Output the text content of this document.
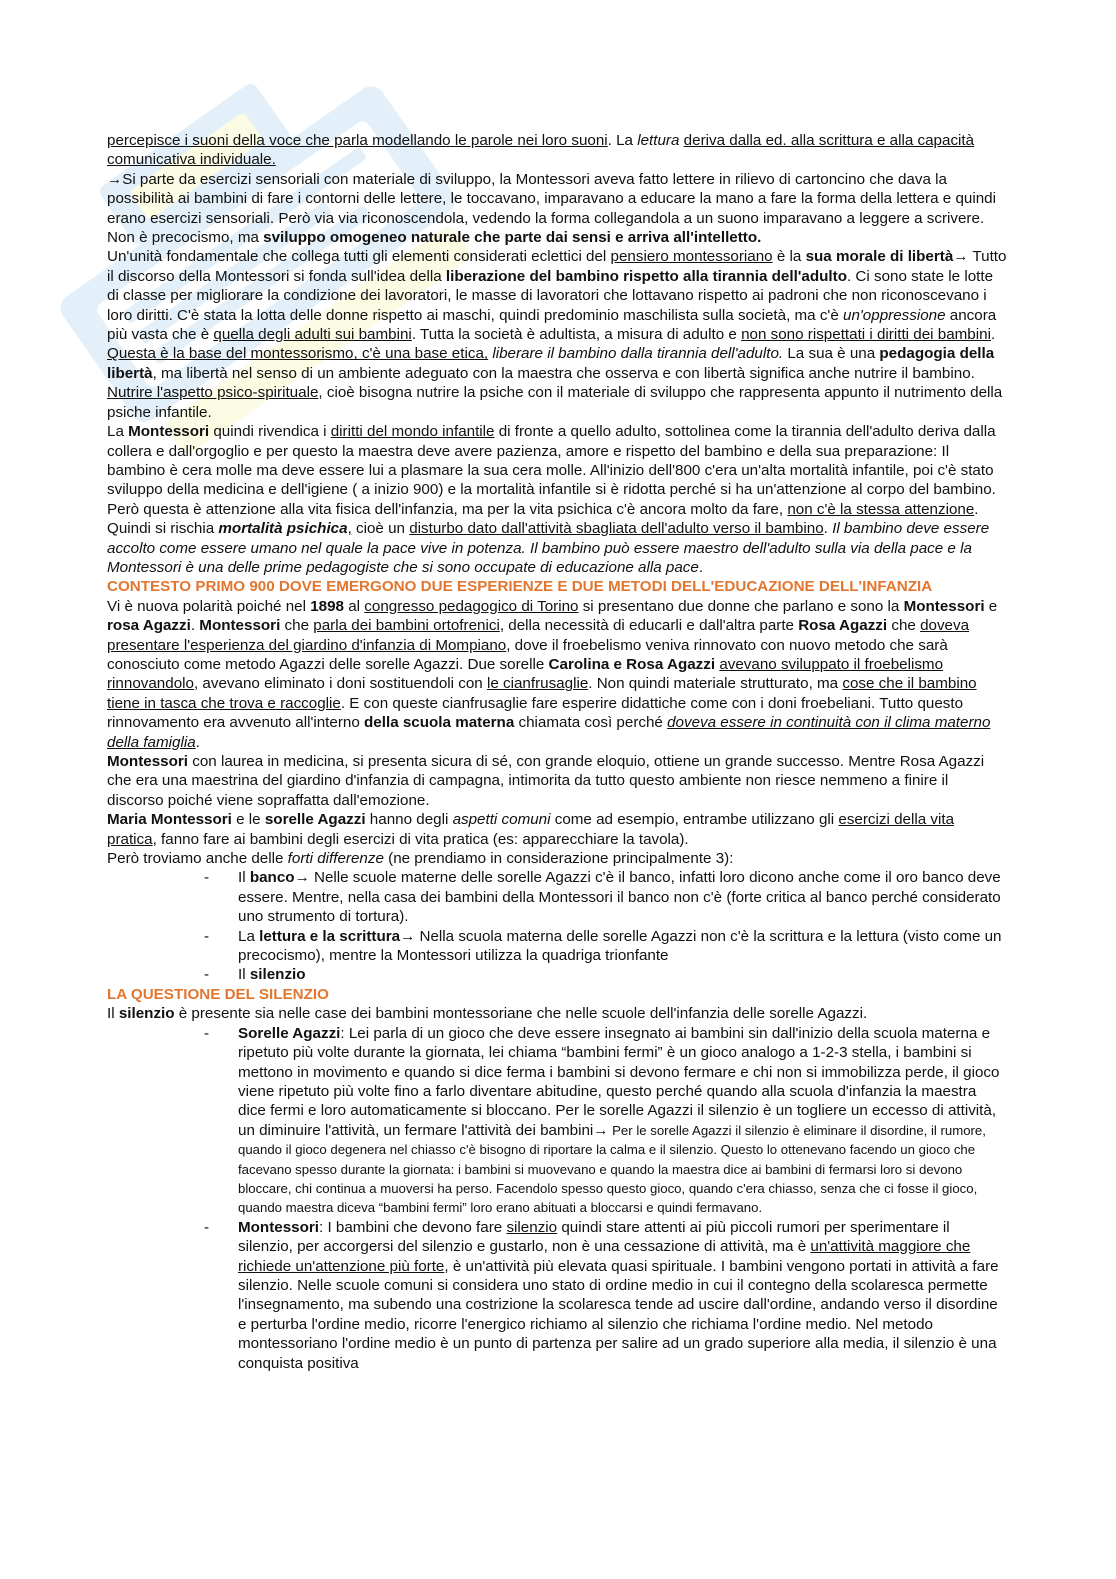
percepisce i suoni della voce che parla modellando le parole nei loro suoni. La lettura deriva dalla ed. alla scrittura e alla capacità comunicativa individuale.

→Si parte da esercizi sensoriali con materiale di sviluppo, la Montessori aveva fatto lettere in rilievo di cartoncino che dava la possibilità ai bambini di fare i contorni delle lettere, le toccavano, imparavano a educare la mano a fare la forma della lettera e quindi erano esercizi sensoriali. Però via via riconoscendola, vedendo la forma collegandola a un suono imparavano a leggere a scrivere. Non è precocismo, ma sviluppo omogeneo naturale che parte dai sensi e arriva all'intelletto.

Un'unità fondamentale che collega tutti gli elementi considerati eclettici del pensiero montessoriano è la sua morale di libertà→ Tutto il discorso della Montessori si fonda sull'idea della liberazione del bambino rispetto alla tirannia dell'adulto. Ci sono state le lotte di classe per migliorare la condizione dei lavoratori, le masse di lavoratori che lottavano rispetto ai padroni che non riconoscevano i loro diritti. C'è stata la lotta delle donne rispetto ai maschi, quindi predominio maschilista sulla società, ma c'è un'oppressione ancora più vasta che è quella degli adulti sui bambini. Tutta la società è adultista, a misura di adulto e non sono rispettati i diritti dei bambini. Questa è la base del montessorismo, c'è una base etica, liberare il bambino dalla tirannia dell'adulto. La sua è una pedagogia della libertà, ma libertà nel senso di un ambiente adeguato con la maestra che osserva e con libertà significa anche nutrire il bambino. Nutrire l'aspetto psico-spirituale, cioè bisogna nutrire la psiche con il materiale di sviluppo che rappresenta appunto il nutrimento della psiche infantile.

La Montessori quindi rivendica i diritti del mondo infantile di fronte a quello adulto, sottolinea come la tirannia dell'adulto deriva dalla collera e dall'orgoglio e per questo la maestra deve avere pazienza, amore e rispetto del bambino e della sua preparazione: Il bambino è cera molle ma deve essere lui a plasmare la sua cera molle. All'inizio dell'800 c'era un'alta mortalità infantile, poi c'è stato sviluppo della medicina e dell'igiene ( a inizio 900) e la mortalità infantile si è ridotta perché si ha un'attenzione al corpo del bambino. Però questa è attenzione alla vita fisica dell'infanzia, ma per la vita psichica c'è ancora molto da fare, non c'è la stessa attenzione. Quindi si rischia mortalità psichica, cioè un disturbo dato dall'attività sbagliata dell'adulto verso il bambino. Il bambino deve essere accolto come essere umano nel quale la pace vive in potenza. Il bambino può essere maestro dell'adulto sulla via della pace e la Montessori è una delle prime pedagogiste che si sono occupate di educazione alla pace.

CONTESTO PRIMO 900 DOVE EMERGONO DUE ESPERIENZE E DUE METODI DELL'EDUCAZIONE DELL'INFANZIA

Vi è nuova polarità poiché nel 1898 al congresso pedagogico di Torino si presentano due donne che parlano e sono la Montessori e rosa Agazzi. Montessori che parla dei bambini ortofrenici, della necessità di educarli e dall'altra parte Rosa Agazzi che doveva presentare l'esperienza del giardino d'infanzia di Mompiano, dove il froebelismo veniva rinnovato con nuovo metodo che sarà conosciuto come metodo Agazzi delle sorelle Agazzi. Due sorelle Carolina e Rosa Agazzi avevano sviluppato il froebelismo rinnovandolo, avevano eliminato i doni sostituendoli con le cianfrusaglie. Non quindi materiale strutturato, ma cose che il bambino tiene in tasca che trova e raccoglie. E con queste cianfrusaglie fare esperire didattiche come con i doni froebeliani. Tutto questo rinnovamento era avvenuto all'interno della scuola materna chiamata così perché doveva essere in continuità con il clima materno della famiglia.

Montessori con laurea in medicina, si presenta sicura di sé, con grande eloquio, ottiene un grande successo. Mentre Rosa Agazzi che era una maestrina del giardino d'infanzia di campagna, intimorita da tutto questo ambiente non riesce nemmeno a finire il discorso poiché viene sopraffatta dall'emozione.

Maria Montessori e le sorelle Agazzi hanno degli aspetti comuni come ad esempio, entrambe utilizzano gli esercizi della vita pratica, fanno fare ai bambini degli esercizi di vita pratica (es: apparecchiare la tavola).

Però troviamo anche delle forti differenze (ne prendiamo in considerazione principalmente 3):

- Il banco→ Nelle scuole materne delle sorelle Agazzi c'è il banco, infatti loro dicono anche come il oro banco deve essere. Mentre, nella casa dei bambini della Montessori il banco non c'è (forte critica al banco perché considerato uno strumento di tortura).
- La lettura e la scrittura→ Nella scuola materna delle sorelle Agazzi non c'è la scrittura e la lettura (visto come un precocismo), mentre la Montessori utilizza la quadriga trionfante
- Il silenzio

LA QUESTIONE DEL SILENZIO

Il silenzio è presente sia nelle case dei bambini montessoriane che nelle scuole dell'infanzia delle sorelle Agazzi.

- Sorelle Agazzi: Lei parla di un gioco che deve essere insegnato ai bambini sin dall'inizio della scuola materna e ripetuto più volte durante la giornata, lei chiama “bambini fermi” è un gioco analogo a 1-2-3 stella, i bambini si mettono in movimento e quando si dice ferma i bambini si devono fermare e chi non si immobilizza perde, il gioco viene ripetuto più volte fino a farlo diventare abitudine, questo perché quando alla scuola d'infanzia la maestra dice fermi e loro automaticamente si bloccano. Per le sorelle Agazzi il silenzio è un togliere un eccesso di attività, un diminuire l'attività, un fermare l'attività dei bambini→ Per le sorelle Agazzi il silenzio è eliminare il disordine, il rumore, quando il gioco degenera nel chiasso c'è bisogno di riportare la calma e il silenzio. Questo lo ottenevano facendo un gioco che facevano spesso durante la giornata: i bambini si muovevano e quando la maestra dice ai bambini di fermarsi loro si devono bloccare, chi continua a muoversi ha perso. Facendolo spesso questo gioco, quando c'era chiasso, senza che ci fosse il gioco, quando maestra diceva “bambini fermi” loro erano abituati a bloccarsi e quindi fermavano.
- Montessori: I bambini che devono fare silenzio quindi stare attenti ai più piccoli rumori per sperimentare il silenzio, per accorgersi del silenzio e gustarlo, non è una cessazione di attività, ma è un'attività maggiore che richiede un'attenzione più forte, è un'attività più elevata quasi spirituale. I bambini vengono portati in attività a fare silenzio. Nelle scuole comuni si considera uno stato di ordine medio in cui il contegno della scolaresca permette l'insegnamento, ma subendo una costrizione la scolaresca tende ad uscire dall'ordine, andando verso il disordine e perturba l'ordine medio, ricorre l'energico richiamo al silenzio che richiama l'ordine medio. Nel metodo montessoriano l'ordine medio è un punto di partenza per salire ad un grado superiore alla media, il silenzio è una conquista positiva
